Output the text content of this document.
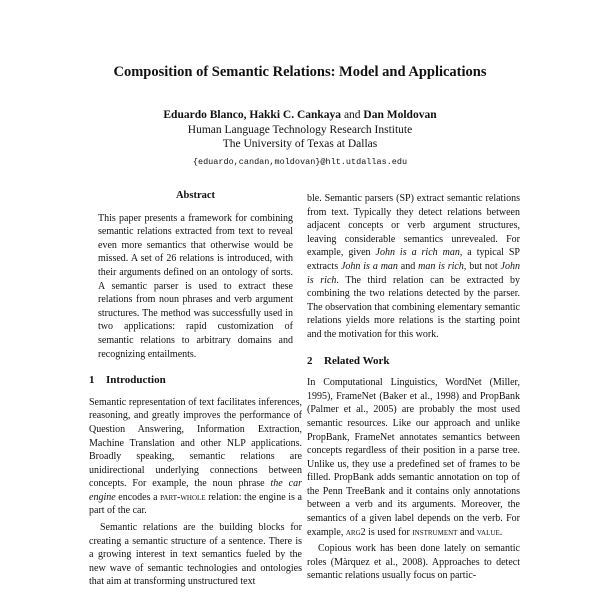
Composition of Semantic Relations: Model and Applications
Eduardo Blanco, Hakki C. Cankaya and Dan Moldovan
Human Language Technology Research Institute
The University of Texas at Dallas
{eduardo,candan,moldovan}@hlt.utdallas.edu
Abstract

This paper presents a framework for combining semantic relations extracted from text to reveal even more semantics that otherwise would be missed. A set of 26 relations is introduced, with their arguments defined on an ontology of sorts. A semantic parser is used to extract these relations from noun phrases and verb argument structures. The method was successfully used in two applications: rapid customization of semantic relations to arbitrary domains and recognizing entailments.

1 Introduction

Semantic representation of text facilitates inferences, reasoning, and greatly improves the performance of Question Answering, Information Extraction, Machine Translation and other NLP applications. Broadly speaking, semantic relations are unidirectional underlying connections between concepts. For example, the noun phrase the car engine encodes a part-whole relation: the engine is a part of the car.

Semantic relations are the building blocks for creating a semantic structure of a sentence. There is a growing interest in text semantics fueled by the new wave of semantic technologies and ontologies that aim at transforming unstructured text

ble. Semantic parsers (SP) extract semantic relations from text. Typically they detect relations between adjacent concepts or verb argument structures, leaving considerable semantics unrevealed. For example, given John is a rich man, a typical SP extracts John is a man and man is rich, but not John is rich. The third relation can be extracted by combining the two relations detected by the parser. The observation that combining elementary semantic relations yields more relations is the starting point and the motivation for this work.

2 Related Work

In Computational Linguistics, WordNet (Miller, 1995), FrameNet (Baker et al., 1998) and PropBank (Palmer et al., 2005) are probably the most used semantic resources. Like our approach and unlike PropBank, FrameNet annotates semantics between concepts regardless of their position in a parse tree. Unlike us, they use a predefined set of frames to be filled. PropBank adds semantic annotation on top of the Penn TreeBank and it contains only annotations between a verb and its arguments. Moreover, the semantics of a given label depends on the verb. For example, arg2 is used for instrument and value.

Copious work has been done lately on semantic roles (Màrquez et al., 2008). Approaches to detect semantic relations usually focus on partic-
